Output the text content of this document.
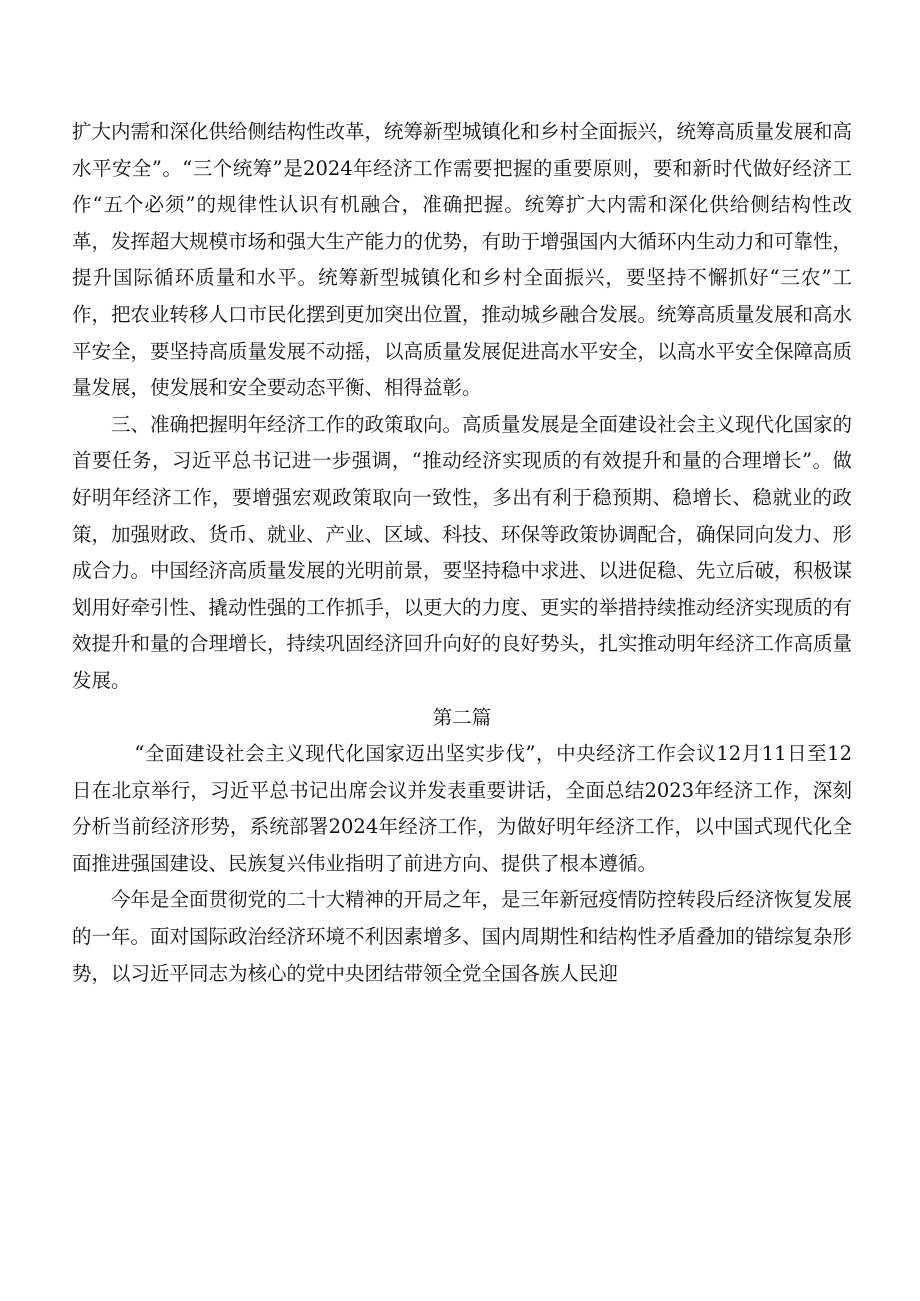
扩大内需和深化供给侧结构性改革，统筹新型城镇化和乡村全面振兴，统筹高质量发展和高水平安全”。“三个统筹”是2024年经济工作需要把握的重要原则，要和新时代做好经济工作“五个必须”的规律性认识有机融合，准确把握。统筹扩大内需和深化供给侧结构性改革，发挥超大规模市场和强大生产能力的优势，有助于增强国内大循环内生动力和可靠性，提升国际循环质量和水平。统筹新型城镇化和乡村全面振兴，要坚持不懈抓好“三农”工作，把农业转移人口市民化摆到更加突出位置，推动城乡融合发展。统筹高质量发展和高水平安全，要坚持高质量发展不动摇，以高质量发展促进高水平安全，以高水平安全保障高质量发展，使发展和安全要动态平衡、相得益彰。

三、准确把握明年经济工作的政策取向。高质量发展是全面建设社会主义现代化国家的首要任务，习近平总书记进一步强调，“推动经济实现质的有效提升和量的合理增长”。做好明年经济工作，要增强宏观政策取向一致性，多出有利于稳预期、稳增长、稳就业的政策，加强财政、货币、就业、产业、区域、科技、环保等政策协调配合，确保同向发力、形成合力。中国经济高质量发展的光明前景，要坚持稳中求进、以进促稳、先立后破，积极谋划用好牵引性、撬动性强的工作抓手，以更大的力度、更实的举措持续推动经济实现质的有效提升和量的合理增长，持续巩固经济回升向好的良好势头，扎实推动明年经济工作高质量发展。

第二篇

“全面建设社会主义现代化国家迈出坚实步伐”，中央经济工作会议12月11日至12日在北京举行，习近平总书记出席会议并发表重要讲话，全面总结2023年经济工作，深刻分析当前经济形势，系统部署2024年经济工作，为做好明年经济工作，以中国式现代化全面推进强国建设、民族复兴伟业指明了前进方向、提供了根本遵循。

今年是全面贯彻党的二十大精神的开局之年，是三年新冠疫情防控转段后经济恢复发展的一年。面对国际政治经济环境不利因素增多、国内周期性和结构性矛盾叠加的错综复杂形势，以习近平同志为核心的党中央团结带领全党全国各族人民迎
